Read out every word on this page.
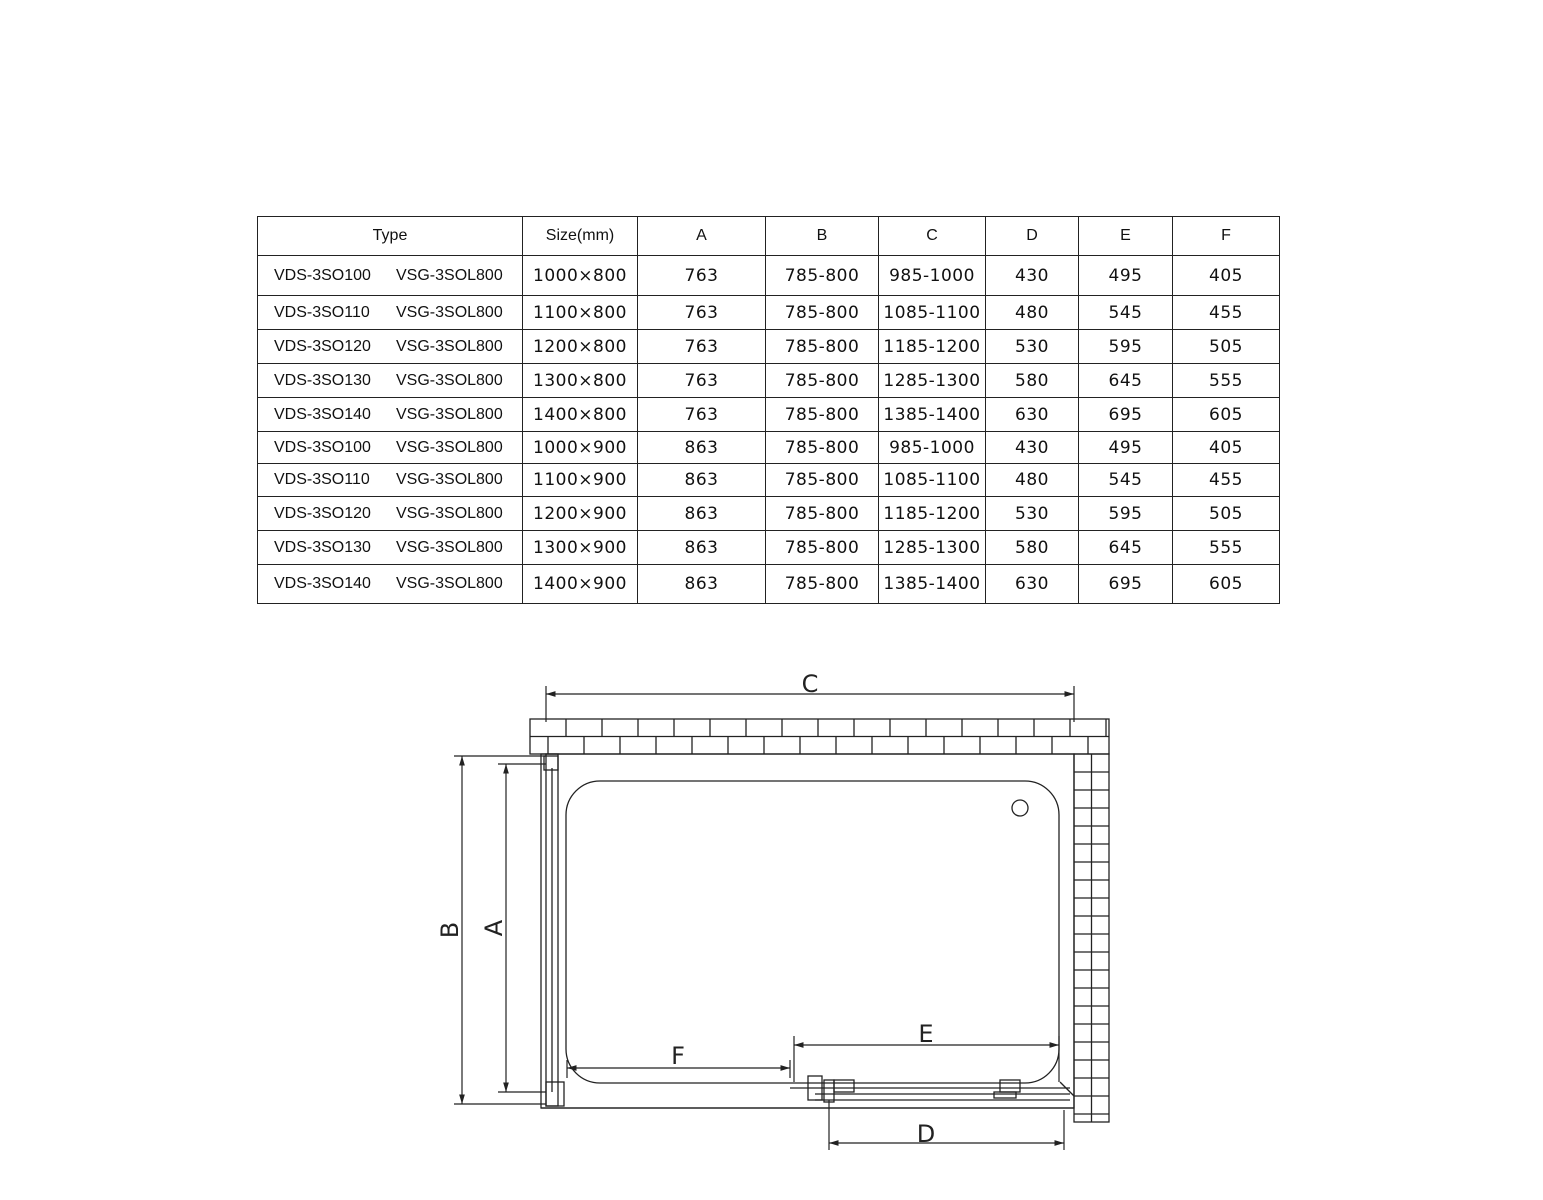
Type	Size(mm)	A	B	C	D	E	F
VDS-3SO100 VSG-3SOL800	1000×800	763	785-800	985-1000	430	495	405
VDS-3SO110 VSG-3SOL800	1100×800	763	785-800	1085-1100	480	545	455
VDS-3SO120 VSG-3SOL800	1200×800	763	785-800	1185-1200	530	595	505
VDS-3SO130 VSG-3SOL800	1300×800	763	785-800	1285-1300	580	645	555
VDS-3SO140 VSG-3SOL800	1400×800	763	785-800	1385-1400	630	695	605
VDS-3SO100 VSG-3SOL800	1000×900	863	785-800	985-1000	430	495	405
VDS-3SO110 VSG-3SOL800	1100×900	863	785-800	1085-1100	480	545	455
VDS-3SO120 VSG-3SOL800	1200×900	863	785-800	1185-1200	530	595	505
VDS-3SO130 VSG-3SOL800	1300×900	863	785-800	1285-1300	580	645	555
VDS-3SO140 VSG-3SOL800	1400×900	863	785-800	1385-1400	630	695	605
C
B A
F
E
D
